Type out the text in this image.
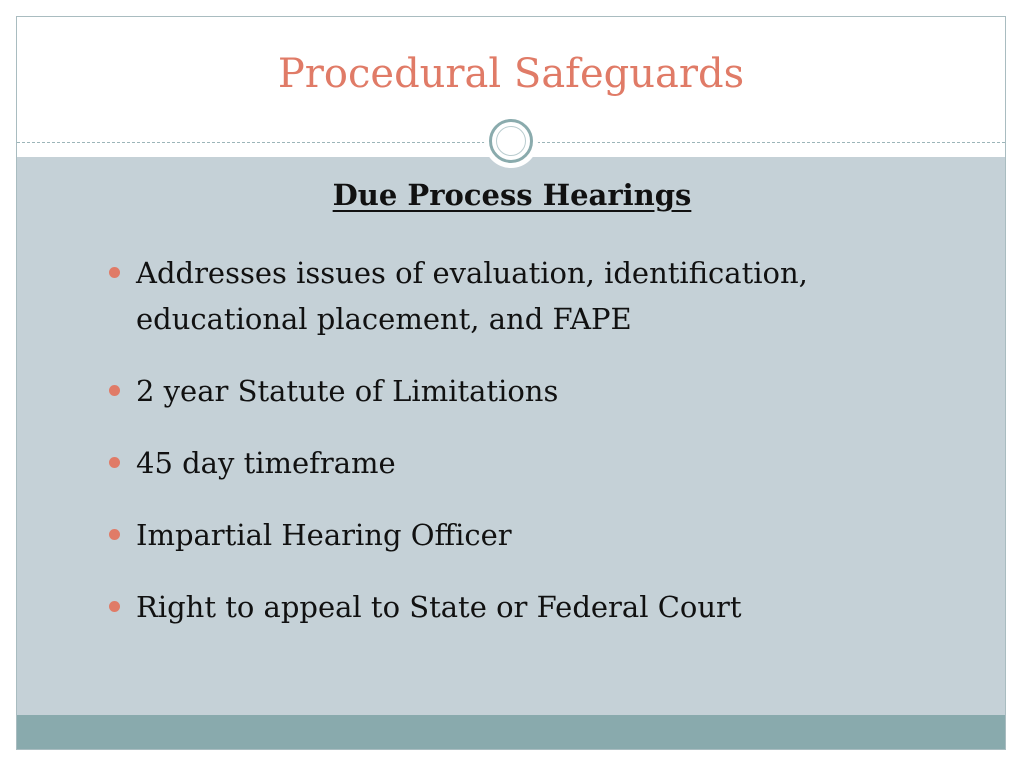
Procedural Safeguards
Due Process Hearings
Addresses issues of evaluation, identification, educational placement, and FAPE
2 year Statute of Limitations
45 day timeframe
Impartial Hearing Officer
Right to appeal to State or Federal Court
